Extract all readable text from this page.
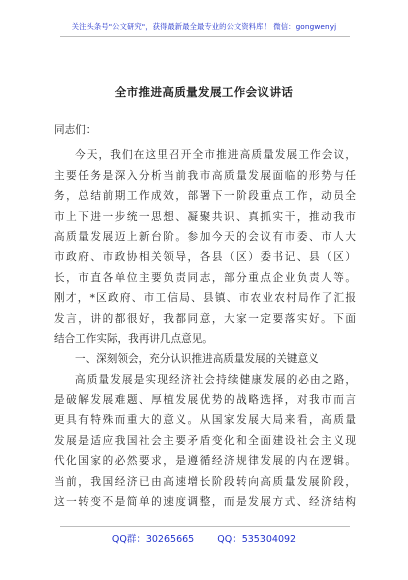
关注头条号"公文研究"，获得最新最全最专业的公文资料库！ 微信：gongwenyj
全市推进高质量发展工作会议讲话
同志们：
今天，我们在这里召开全市推进高质量发展工作会议，
主要任务是深入分析当前我市高质量发展面临的形势与任
务，总结前期工作成效，部署下一阶段重点工作，动员全
市上下进一步统一思想、凝聚共识、真抓实干，推动我市
高质量发展迈上新台阶。参加今天的会议有市委、市人大
市政府、市政协相关领导，各县（区）委书记、县（区）
长，市直各单位主要负责同志，部分重点企业负责人等。
刚才，*区政府、市工信局、县镇、市农业农村局作了汇报
发言，讲的都很好，我都同意，大家一定要落实好。下面
结合工作实际，我再讲几点意见。
一、深刻领会，充分认识推进高质量发展的关键意义
高质量发展是实现经济社会持续健康发展的必由之路，
是破解发展难题、厚植发展优势的战略选择，对我市而言
更具有特殊而重大的意义。从国家发展大局来看，高质量
发展是适应我国社会主要矛盾变化和全面建设社会主义现
代化国家的必然要求，是遵循经济规律发展的内在逻辑。
当前，我国经济已由高速增长阶段转向高质量发展阶段，
这一转变不是简单的速度调整，而是发展方式、经济结构
QQ群：30265665 QQ：535304092
